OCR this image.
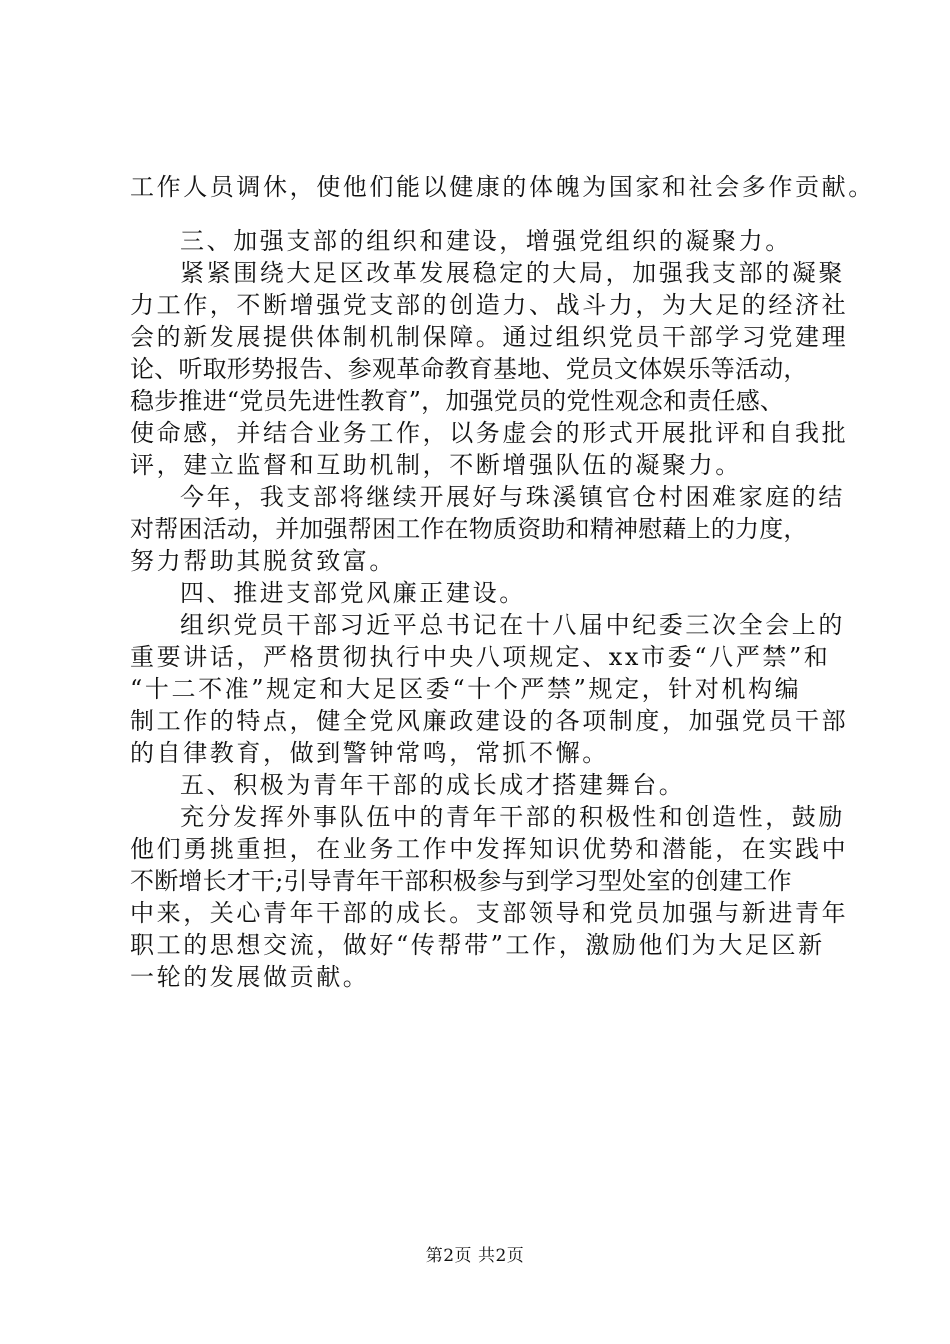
工作人员调休，使他们能以健康的体魄为国家和社会多作贡献。
三、加强支部的组织和建设，增强党组织的凝聚力。
紧紧围绕大足区改革发展稳定的大局，加强我支部的凝聚
力工作，不断增强党支部的创造力、战斗力，为大足的经济社
会的新发展提供体制机制保障。通过组织党员干部学习党建理
论、听取形势报告、参观革命教育基地、党员文体娱乐等活动，
稳步推进“党员先进性教育”，加强党员的党性观念和责任感、
使命感，并结合业务工作，以务虚会的形式开展批评和自我批
评，建立监督和互助机制，不断增强队伍的凝聚力。
今年，我支部将继续开展好与珠溪镇官仓村困难家庭的结
对帮困活动，并加强帮困工作在物质资助和精神慰藉上的力度，
努力帮助其脱贫致富。
四、推进支部党风廉正建设。
组织党员干部习近平总书记在十八届中纪委三次全会上的
重要讲话，严格贯彻执行中央八项规定、xx市委“八严禁”和
“十二不准”规定和大足区委“十个严禁”规定，针对机构编
制工作的特点，健全党风廉政建设的各项制度，加强党员干部
的自律教育，做到警钟常鸣，常抓不懈。
五、积极为青年干部的成长成才搭建舞台。
充分发挥外事队伍中的青年干部的积极性和创造性，鼓励
他们勇挑重担，在业务工作中发挥知识优势和潜能，在实践中
不断增长才干;引导青年干部积极参与到学习型处室的创建工作
中来，关心青年干部的成长。支部领导和党员加强与新进青年
职工的思想交流，做好“传帮带”工作，激励他们为大足区新
一轮的发展做贡献。
第2页 共2页
